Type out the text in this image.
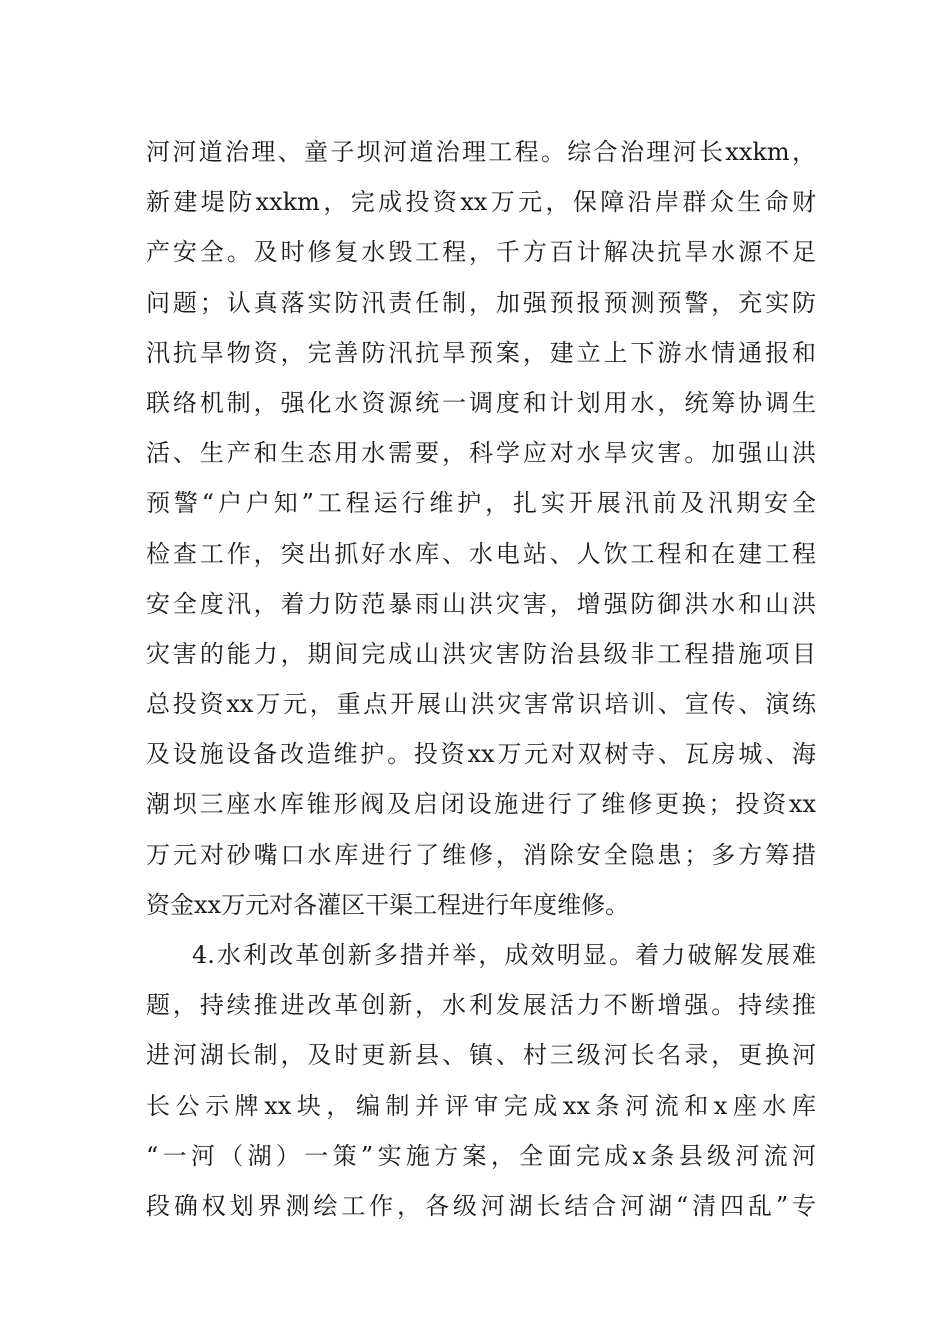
河河道治理、童子坝河道治理工程。综合治理河长xxkm，
新建堤防xxkm，完成投资xx万元，保障沿岸群众生命财
产安全。及时修复水毁工程，千方百计解决抗旱水源不足
问题；认真落实防汛责任制，加强预报预测预警，充实防
汛抗旱物资，完善防汛抗旱预案，建立上下游水情通报和
联络机制，强化水资源统一调度和计划用水，统筹协调生
活、生产和生态用水需要，科学应对水旱灾害。加强山洪
预警“户户知”工程运行维护，扎实开展汛前及汛期安全
检查工作，突出抓好水库、水电站、人饮工程和在建工程
安全度汛，着力防范暴雨山洪灾害，增强防御洪水和山洪
灾害的能力，期间完成山洪灾害防治县级非工程措施项目
总投资xx万元，重点开展山洪灾害常识培训、宣传、演练
及设施设备改造维护。投资xx万元对双树寺、瓦房城、海
潮坝三座水库锥形阀及启闭设施进行了维修更换；投资xx
万元对砂嘴口水库进行了维修，消除安全隐患；多方筹措
资金xx万元对各灌区干渠工程进行年度维修。
4.水利改革创新多措并举，成效明显。着力破解发展难
题，持续推进改革创新，水利发展活力不断增强。持续推
进河湖长制，及时更新县、镇、村三级河长名录，更换河
长公示牌xx块，编制并评审完成xx条河流和x座水库
“一河（湖）一策”实施方案，全面完成x条县级河流河
段确权划界测绘工作，各级河湖长结合河湖“清四乱”专
